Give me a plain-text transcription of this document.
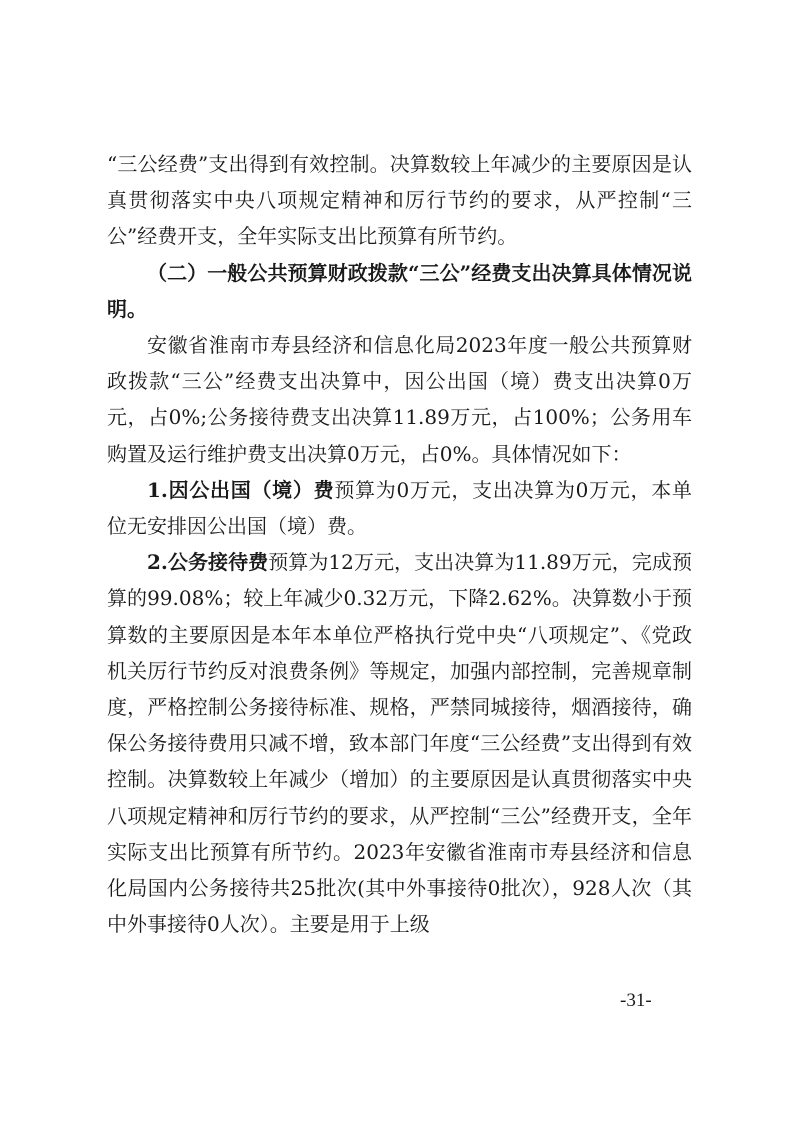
“三公经费”支出得到有效控制。决算数较上年减少的主要原因是认真贯彻落实中央八项规定精神和厉行节约的要求，从严控制“三公”经费开支，全年实际支出比预算有所节约。

（二）一般公共预算财政拨款“三公”经费支出决算具体情况说明。

安徽省淮南市寿县经济和信息化局2023年度一般公共预算财政拨款“三公”经费支出决算中，因公出国（境）费支出决算0万元，占0%;公务接待费支出决算11.89万元，占100%；公务用车购置及运行维护费支出决算0万元，占0%。具体情况如下：

1.因公出国（境）费预算为0万元，支出决算为0万元，本单位无安排因公出国（境）费。

2.公务接待费预算为12万元，支出决算为11.89万元，完成预算的99.08%；较上年减少0.32万元，下降2.62%。决算数小于预算数的主要原因是本年本单位严格执行党中央“八项规定”、《党政机关厉行节约反对浪费条例》等规定，加强内部控制，完善规章制度，严格控制公务接待标准、规格，严禁同城接待，烟酒接待，确保公务接待费用只减不增，致本部门年度“三公经费”支出得到有效控制。决算数较上年减少（增加）的主要原因是认真贯彻落实中央八项规定精神和厉行节约的要求，从严控制“三公”经费开支，全年实际支出比预算有所节约。2023年安徽省淮南市寿县经济和信息化局国内公务接待共25批次(其中外事接待0批次），928人次（其中外事接待0人次）。主要是用于上级

-31-
